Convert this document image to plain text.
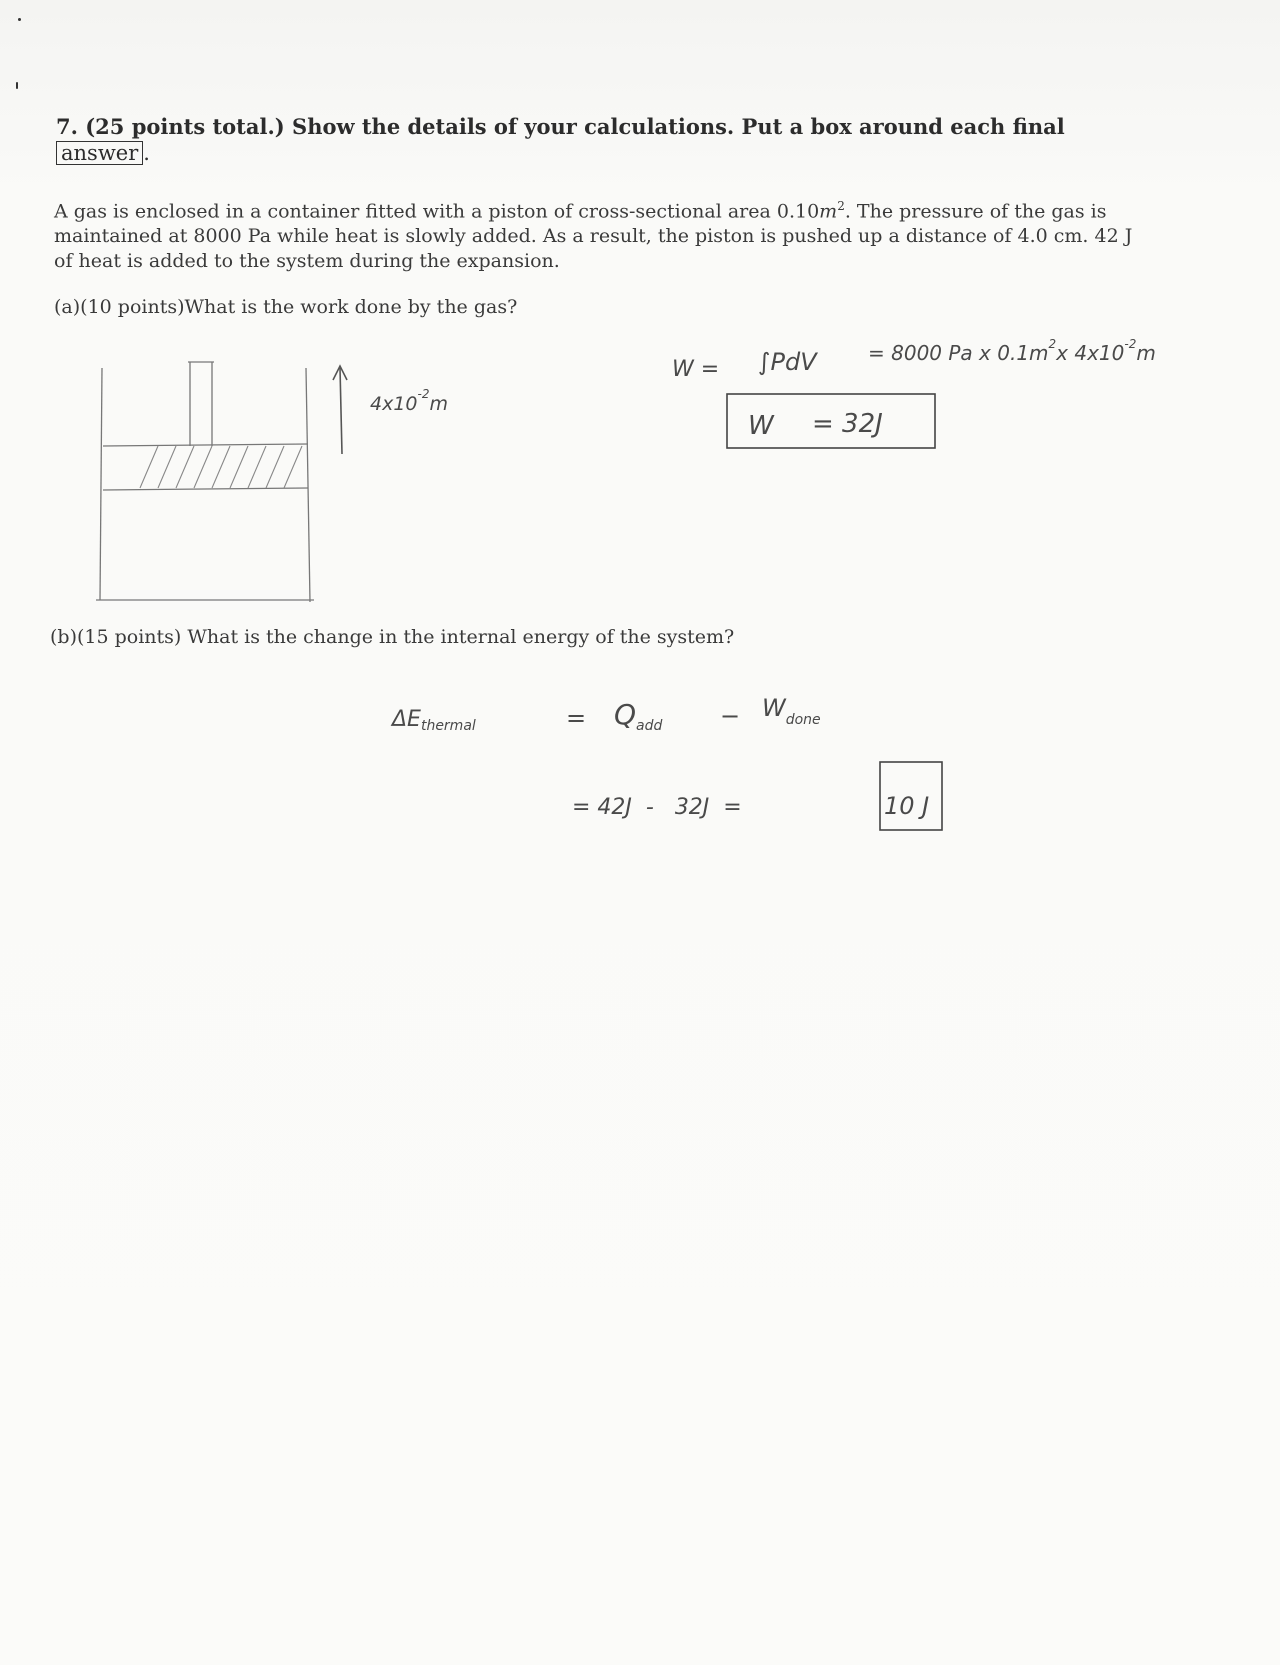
7. (25 points total.) Show the details of your calculations. Put a box around each final
answer .
A gas is enclosed in a container fitted with a piston of cross-sectional area $0.10m^2$. The pressure of the gas is maintained at 8000 Pa while heat is slowly added. As a result, the piston is pushed up a distance of 4.0 cm. 42 J of heat is added to the system during the expansion.
(a)(10 points)What is the work done by the gas?
(b)(15 points) What is the change in the internal energy of the system?
$4x10^{-2}m$
W = ∫PdV	= 8000 Pa x $0.1m^2x$ $4x10^{-2}m$
W = 32J
ΔEthermal	= $Q_{add} - W_{done}$
= 42J  -   32J  =	10 J
